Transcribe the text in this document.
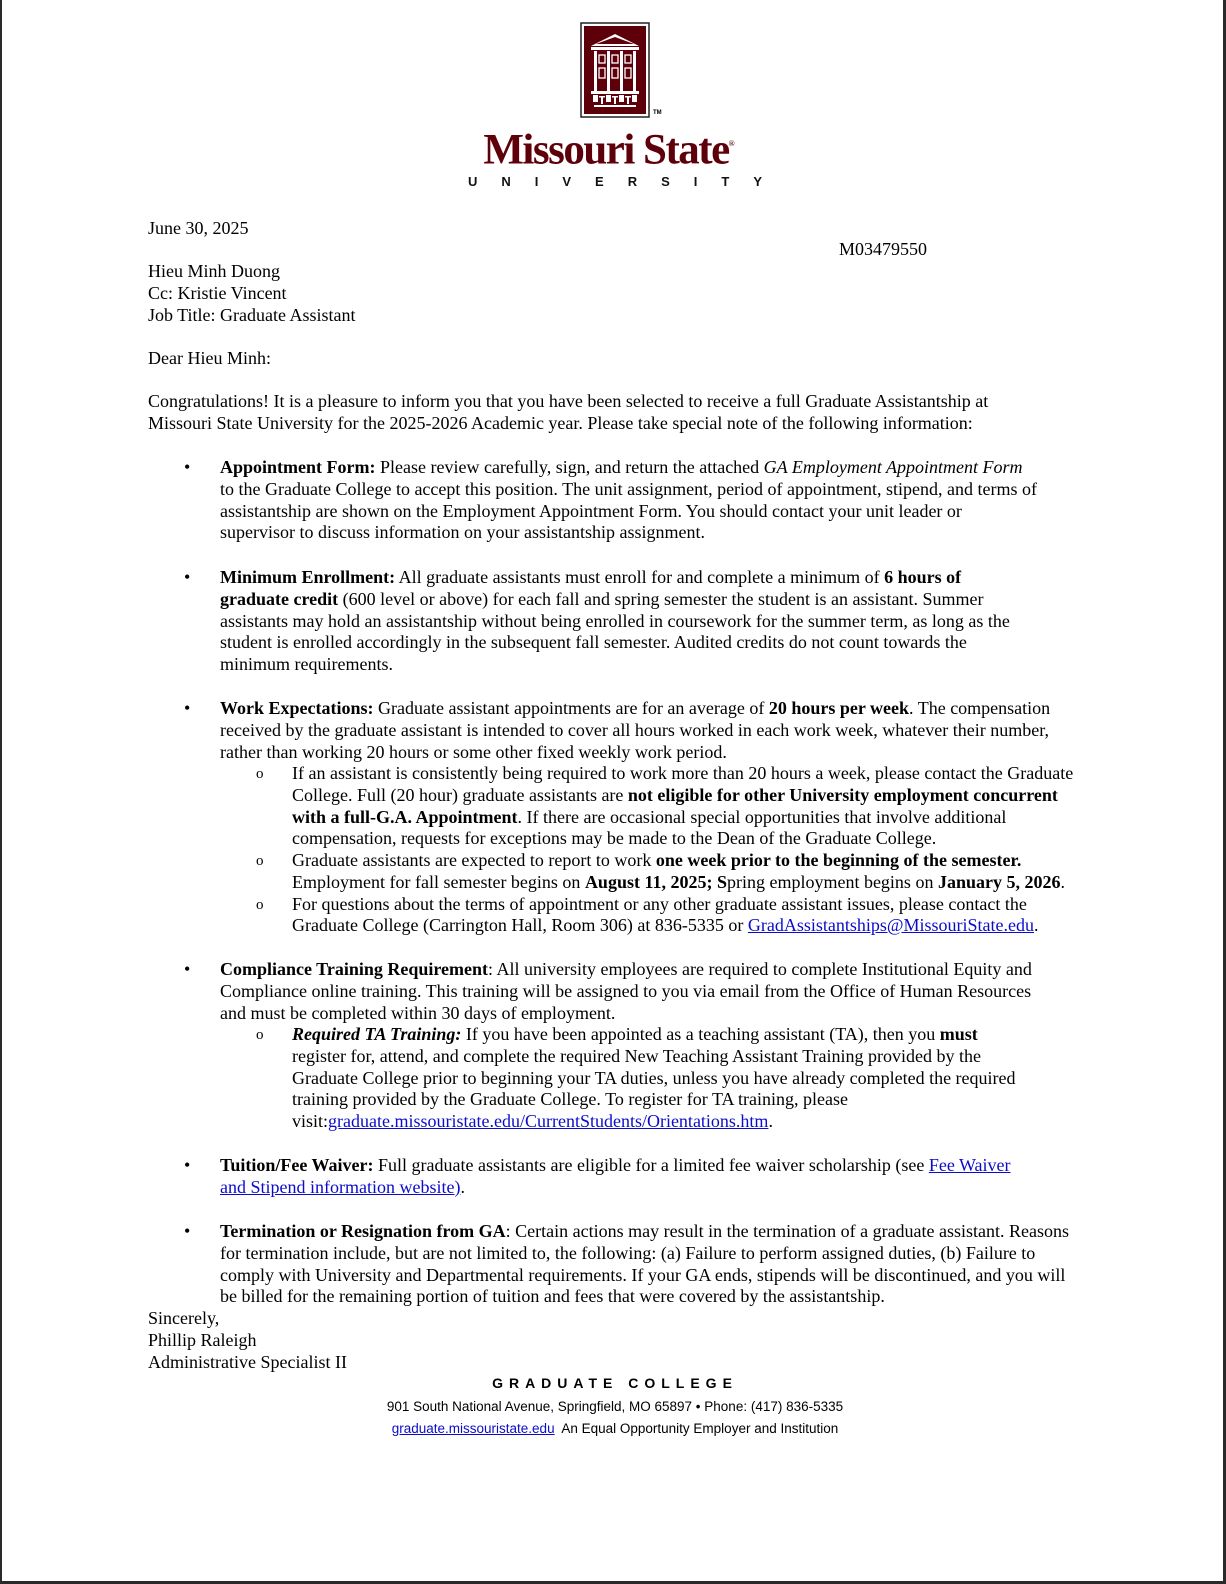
Missouri State®
UNIVERSITY
TM
June 30, 2025
M03479550
Hieu Minh Duong
Cc: Kristie Vincent
Job Title: Graduate Assistant
Dear Hieu Minh:
Congratulations! It is a pleasure to inform you that you have been selected to receive a full Graduate Assistantship at
Missouri State University for the 2025-2026 Academic year. Please take special note of the following information:
• Appointment Form: Please review carefully, sign, and return the attached GA Employment Appointment Form
to the Graduate College to accept this position. The unit assignment, period of appointment, stipend, and terms of
assistantship are shown on the Employment Appointment Form. You should contact your unit leader or
supervisor to discuss information on your assistantship assignment.
• Minimum Enrollment: All graduate assistants must enroll for and complete a minimum of 6 hours of
graduate credit (600 level or above) for each fall and spring semester the student is an assistant. Summer
assistants may hold an assistantship without being enrolled in coursework for the summer term, as long as the
student is enrolled accordingly in the subsequent fall semester. Audited credits do not count towards the
minimum requirements.
• Work Expectations: Graduate assistant appointments are for an average of 20 hours per week. The compensation
received by the graduate assistant is intended to cover all hours worked in each work week, whatever their number,
rather than working 20 hours or some other fixed weekly work period.
o If an assistant is consistently being required to work more than 20 hours a week, please contact the Graduate
College. Full (20 hour) graduate assistants are not eligible for other University employment concurrent
with a full-G.A. Appointment. If there are occasional special opportunities that involve additional
compensation, requests for exceptions may be made to the Dean of the Graduate College.
o Graduate assistants are expected to report to work one week prior to the beginning of the semester.
Employment for fall semester begins on August 11, 2025; Spring employment begins on January 5, 2026.
o For questions about the terms of appointment or any other graduate assistant issues, please contact the
Graduate College (Carrington Hall, Room 306) at 836-5335 or GradAssistantships@MissouriState.edu.
• Compliance Training Requirement: All university employees are required to complete Institutional Equity and
Compliance online training. This training will be assigned to you via email from the Office of Human Resources
and must be completed within 30 days of employment.
o Required TA Training: If you have been appointed as a teaching assistant (TA), then you must
register for, attend, and complete the required New Teaching Assistant Training provided by the
Graduate College prior to beginning your TA duties, unless you have already completed the required
training provided by the Graduate College. To register for TA training, please
visit:graduate.missouristate.edu/CurrentStudents/Orientations.htm.
• Tuition/Fee Waiver: Full graduate assistants are eligible for a limited fee waiver scholarship (see Fee Waiver
and Stipend information website).
• Termination or Resignation from GA: Certain actions may result in the termination of a graduate assistant. Reasons
for termination include, but are not limited to, the following: (a) Failure to perform assigned duties, (b) Failure to
comply with University and Departmental requirements. If your GA ends, stipends will be discontinued, and you will
be billed for the remaining portion of tuition and fees that were covered by the assistantship.
Sincerely,
Phillip Raleigh
Administrative Specialist II
GRADUATE COLLEGE
901 South National Avenue, Springfield, MO 65897 • Phone: (417) 836-5335
graduate.missouristate.edu An Equal Opportunity Employer and Institution
